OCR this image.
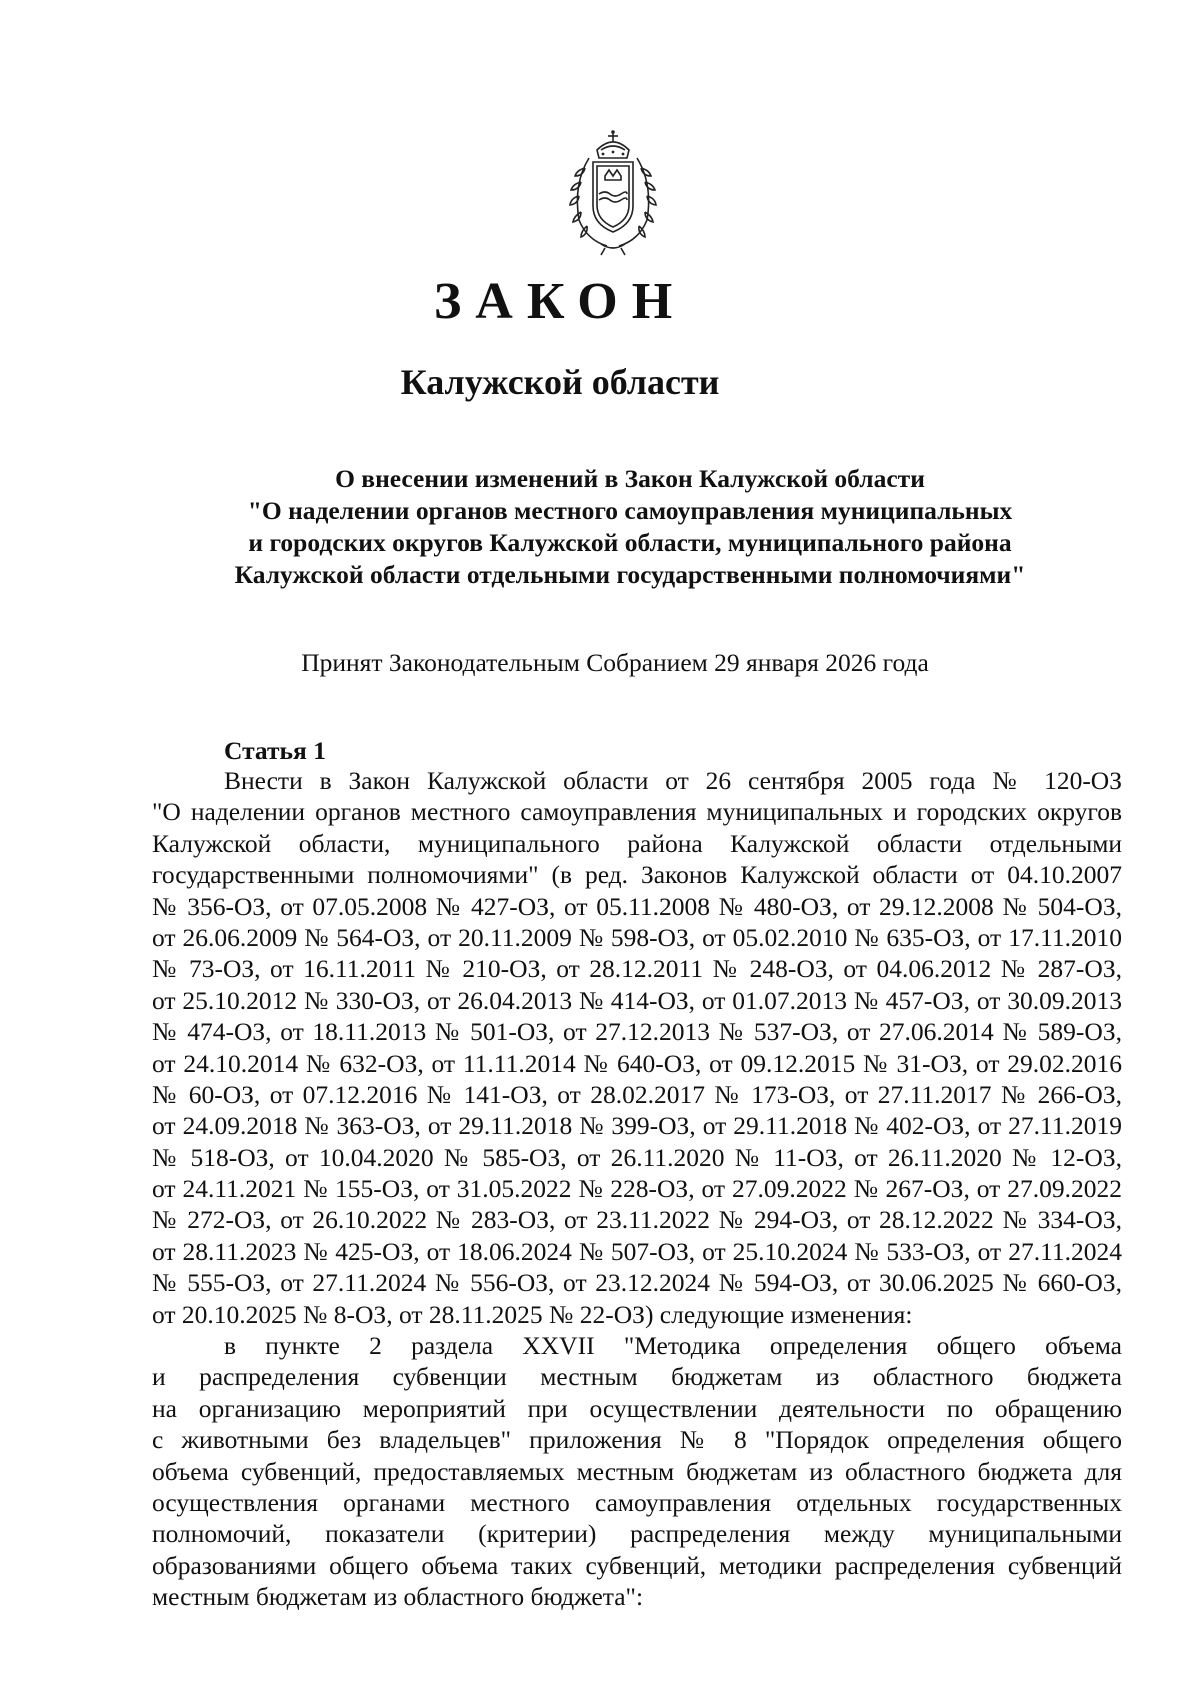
ЗАКОН
Калужской области
О внесении изменений в Закон Калужской области
"О наделении органов местного самоуправления муниципальных
и городских округов Калужской области, муниципального района
Калужской области отдельными государственными полномочиями"
Принят Законодательным Собранием 29 января 2026 года
Статья 1
Внести в Закон Калужской области от 26 сентября 2005 года № 120-ОЗ
"О наделении органов местного самоуправления муниципальных и городских округов
Калужской области, муниципального района Калужской области отдельными
государственными полномочиями" (в ред. Законов Калужской области от 04.10.2007
№ 356-ОЗ, от 07.05.2008 № 427-ОЗ, от 05.11.2008 № 480-ОЗ, от 29.12.2008 № 504-ОЗ,
от 26.06.2009 № 564-ОЗ, от 20.11.2009 № 598-ОЗ, от 05.02.2010 № 635-ОЗ, от 17.11.2010
№ 73-ОЗ, от 16.11.2011 № 210-ОЗ, от 28.12.2011 № 248-ОЗ, от 04.06.2012 № 287-ОЗ,
от 25.10.2012 № 330-ОЗ, от 26.04.2013 № 414-ОЗ, от 01.07.2013 № 457-ОЗ, от 30.09.2013
№ 474-ОЗ, от 18.11.2013 № 501-ОЗ, от 27.12.2013 № 537-ОЗ, от 27.06.2014 № 589-ОЗ,
от 24.10.2014 № 632-ОЗ, от 11.11.2014 № 640-ОЗ, от 09.12.2015 № 31-ОЗ, от 29.02.2016
№ 60-ОЗ, от 07.12.2016 № 141-ОЗ, от 28.02.2017 № 173-ОЗ, от 27.11.2017 № 266-ОЗ,
от 24.09.2018 № 363-ОЗ, от 29.11.2018 № 399-ОЗ, от 29.11.2018 № 402-ОЗ, от 27.11.2019
№ 518-ОЗ, от 10.04.2020 № 585-ОЗ, от 26.11.2020 № 11-ОЗ, от 26.11.2020 № 12-ОЗ,
от 24.11.2021 № 155-ОЗ, от 31.05.2022 № 228-ОЗ, от 27.09.2022 № 267-ОЗ, от 27.09.2022
№ 272-ОЗ, от 26.10.2022 № 283-ОЗ, от 23.11.2022 № 294-ОЗ, от 28.12.2022 № 334-ОЗ,
от 28.11.2023 № 425-ОЗ, от 18.06.2024 № 507-ОЗ, от 25.10.2024 № 533-ОЗ, от 27.11.2024
№ 555-ОЗ, от 27.11.2024 № 556-ОЗ, от 23.12.2024 № 594-ОЗ, от 30.06.2025 № 660-ОЗ,
от 20.10.2025 № 8-ОЗ, от 28.11.2025 № 22-ОЗ) следующие изменения:
в пункте 2 раздела XXVII "Методика определения общего объема
и распределения субвенции местным бюджетам из областного бюджета
на организацию мероприятий при осуществлении деятельности по обращению
с животными без владельцев" приложения № 8 "Порядок определения общего
объема субвенций, предоставляемых местным бюджетам из областного бюджета для
осуществления органами местного самоуправления отдельных государственных
полномочий, показатели (критерии) распределения между муниципальными
образованиями общего объема таких субвенций, методики распределения субвенций
местным бюджетам из областного бюджета":
